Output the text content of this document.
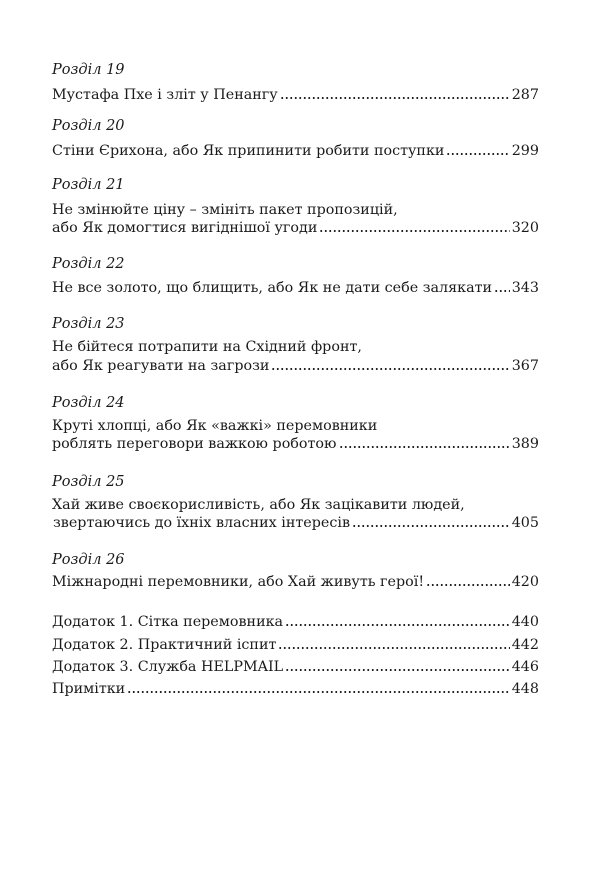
Розділ 19
Мустафа Пхе і зліт у Пенангу	287
Розділ 20
Стіни Єрихона, або Як припинити робити поступки	299
Розділ 21
Не змінюйте ціну – змініть пакет пропозицій,
або Як домогтися вигіднішої угоди	320
Розділ 22
Не все золото, що блищить, або Як не дати себе залякати 343
Розділ 23
Не бійтеся потрапити на Східний фронт,
або Як реагувати на загрози	367
Розділ 24
Круті хлопці, або Як «важкі» перемовники
роблять переговори важкою роботою	389
Розділ 25
Хай живе своєкорисливість, або Як зацікавити людей,
звертаючись до їхніх власних інтересів	405
Розділ 26
Міжнародні перемовники, або Хай живуть герої!	420
Додаток 1. Сітка перемовника	440
Додаток 2. Практичний іспит	442
Додаток 3. Служба HELPMAIL	446
Примітки	448
